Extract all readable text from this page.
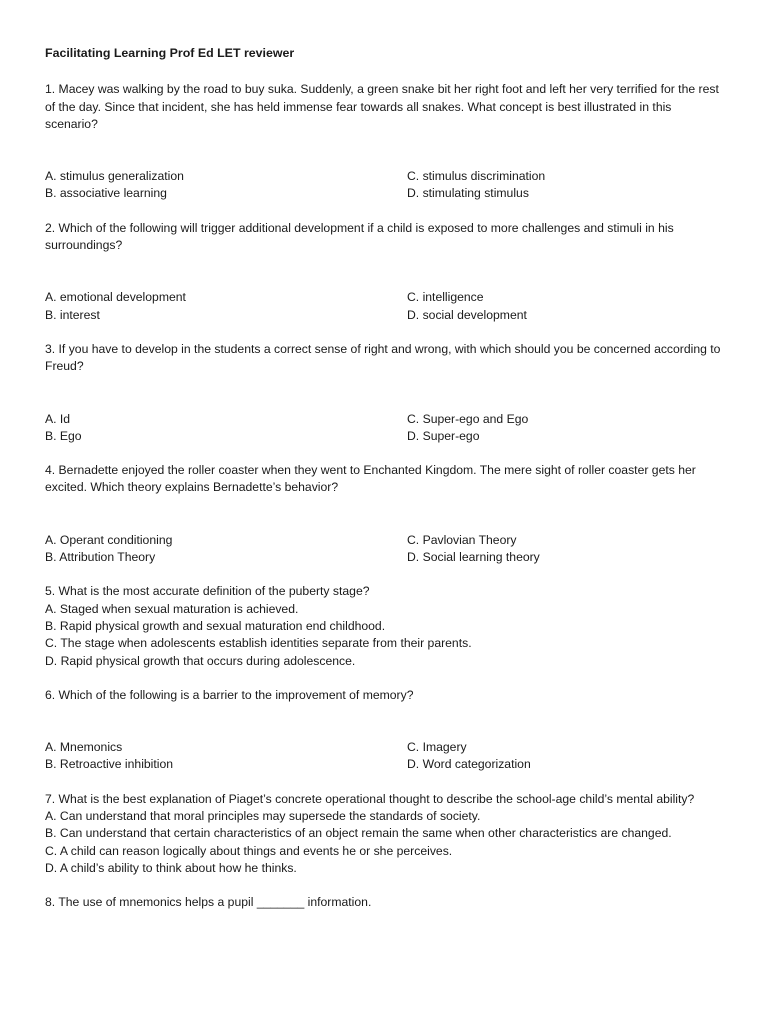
Facilitating Learning Prof Ed LET reviewer

1. Macey was walking by the road to buy suka. Suddenly, a green snake bit her right foot and left her very terrified for the rest of the day. Since that incident, she has held immense fear towards all snakes. What concept is best illustrated in this scenario?

A. stimulus generalization	C. stimulus discrimination
B. associative learning	D. stimulating stimulus

2. Which of the following will trigger additional development if a child is exposed to more challenges and stimuli in his surroundings?

A. emotional development	C. intelligence
B. interest	D. social development

3. If you have to develop in the students a correct sense of right and wrong, with which should you be concerned according to Freud?

A. Id	C. Super-ego and Ego
B. Ego	D. Super-ego

4. Bernadette enjoyed the roller coaster when they went to Enchanted Kingdom. The mere sight of roller coaster gets her excited. Which theory explains Bernadette’s behavior?

A. Operant conditioning	C. Pavlovian Theory
B. Attribution Theory	D. Social learning theory

5. What is the most accurate definition of the puberty stage?

A. Staged when sexual maturation is achieved.
B. Rapid physical growth and sexual maturation end childhood.
C. The stage when adolescents establish identities separate from their parents.
D. Rapid physical growth that occurs during adolescence.

6. Which of the following is a barrier to the improvement of memory?

A. Mnemonics	C. Imagery
B. Retroactive inhibition	D. Word categorization

7. What is the best explanation of Piaget’s concrete operational thought to describe the school-age child’s mental ability?

A. Can understand that moral principles may supersede the standards of society.
B. Can understand that certain characteristics of an object remain the same when other characteristics are changed.
C. A child can reason logically about things and events he or she perceives.
D. A child’s ability to think about how he thinks.

8. The use of mnemonics helps a pupil _______ information.
